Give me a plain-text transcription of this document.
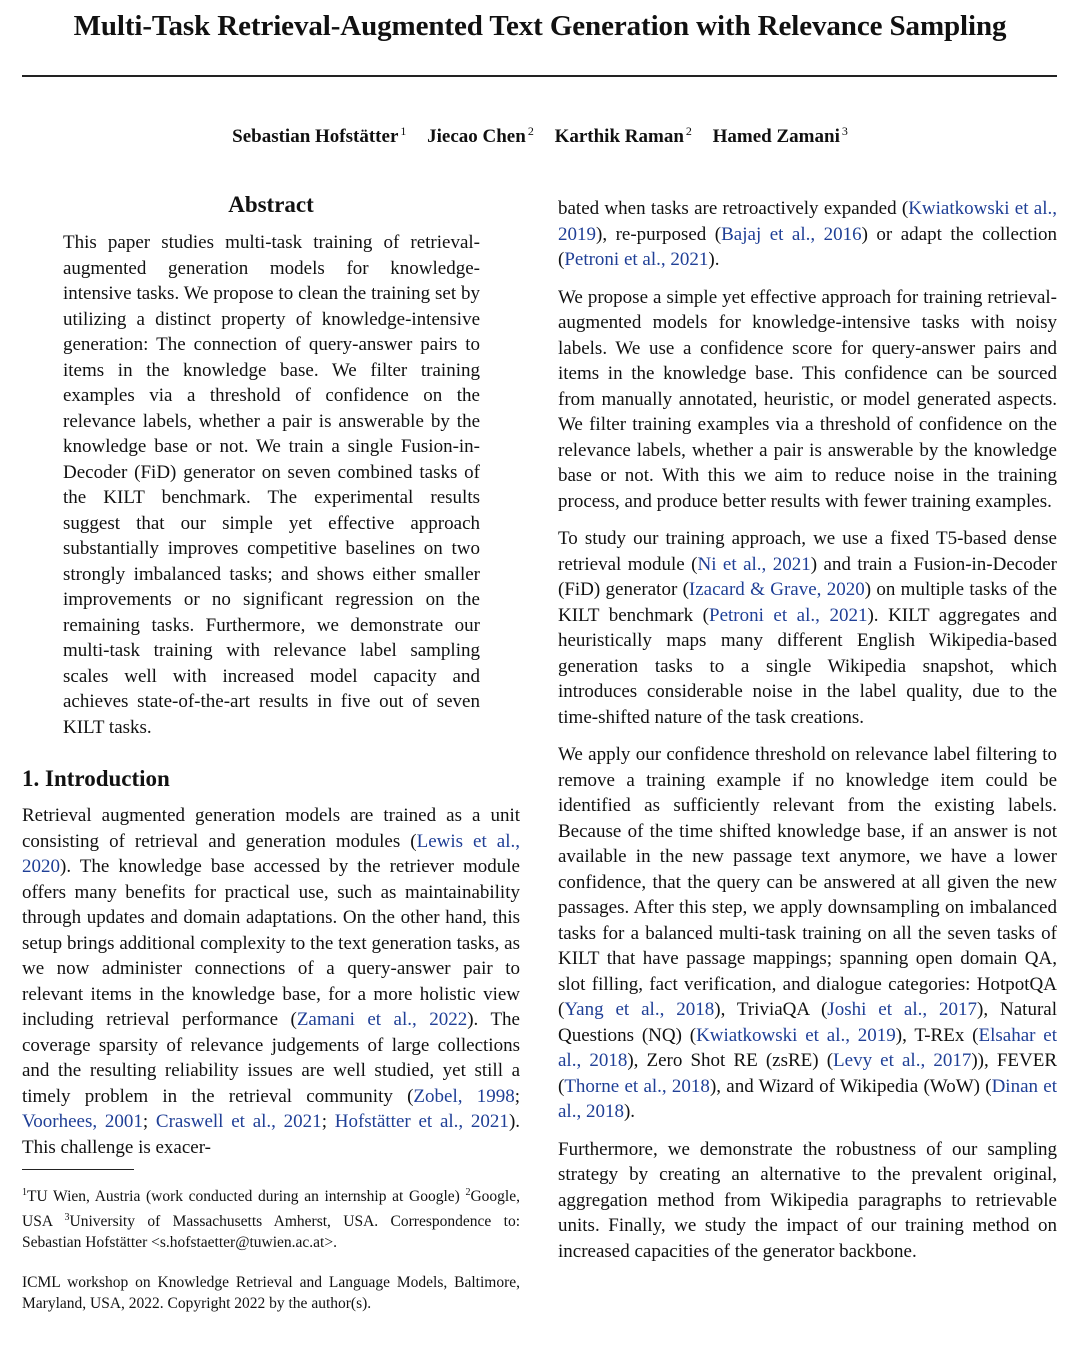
Multi-Task Retrieval-Augmented Text Generation with Relevance Sampling
Sebastian Hofstätter $^1$ Jiecao Chen $^2$ Karthik Raman $^2$ Hamed Zamani $^3$
Abstract

This paper studies multi-task training of retrieval-augmented generation models for knowledge-intensive tasks. We propose to clean the training set by utilizing a distinct property of knowledge-intensive generation: The connection of query-answer pairs to items in the knowledge base. We filter training examples via a threshold of confidence on the relevance labels, whether a pair is answerable by the knowledge base or not. We train a single Fusion-in-Decoder (FiD) generator on seven combined tasks of the KILT benchmark. The experimental results suggest that our simple yet effective approach substantially improves competitive baselines on two strongly imbalanced tasks; and shows either smaller improvements or no significant regression on the remaining tasks. Furthermore, we demonstrate our multi-task training with relevance label sampling scales well with increased model capacity and achieves state-of-the-art results in five out of seven KILT tasks.

1. Introduction

Retrieval augmented generation models are trained as a unit consisting of retrieval and generation modules (Lewis et al., 2020). The knowledge base accessed by the retriever module offers many benefits for practical use, such as maintainability through updates and domain adaptations. On the other hand, this setup brings additional complexity to the text generation tasks, as we now administer connections of a query-answer pair to relevant items in the knowledge base, for a more holistic view including retrieval performance (Zamani et al., 2022). The coverage sparsity of relevance judgements of large collections and the resulting reliability issues are well studied, yet still a timely problem in the retrieval community (Zobel, 1998; Voorhees, 2001; Craswell et al., 2021; Hofstätter et al., 2021). This challenge is exacer-

$^1$TU Wien, Austria (work conducted during an internship at Google) $^2$Google, USA $^3$University of Massachusetts Amherst, USA. Correspondence to: Sebastian Hofstätter <s.hofstaetter@tuwien.ac.at>.

ICML workshop on Knowledge Retrieval and Language Models, Baltimore, Maryland, USA, 2022. Copyright 2022 by the author(s).

bated when tasks are retroactively expanded (Kwiatkowski et al., 2019), re-purposed (Bajaj et al., 2016) or adapt the collection (Petroni et al., 2021).

We propose a simple yet effective approach for training retrieval-augmented models for knowledge-intensive tasks with noisy labels. We use a confidence score for query-answer pairs and items in the knowledge base. This confidence can be sourced from manually annotated, heuristic, or model generated aspects. We filter training examples via a threshold of confidence on the relevance labels, whether a pair is answerable by the knowledge base or not. With this we aim to reduce noise in the training process, and produce better results with fewer training examples.

To study our training approach, we use a fixed T5-based dense retrieval module (Ni et al., 2021) and train a Fusion-in-Decoder (FiD) generator (Izacard & Grave, 2020) on multiple tasks of the KILT benchmark (Petroni et al., 2021). KILT aggregates and heuristically maps many different English Wikipedia-based generation tasks to a single Wikipedia snapshot, which introduces considerable noise in the label quality, due to the time-shifted nature of the task creations.

We apply our confidence threshold on relevance label filtering to remove a training example if no knowledge item could be identified as sufficiently relevant from the existing labels. Because of the time shifted knowledge base, if an answer is not available in the new passage text anymore, we have a lower confidence, that the query can be answered at all given the new passages. After this step, we apply downsampling on imbalanced tasks for a balanced multi-task training on all the seven tasks of KILT that have passage mappings; spanning open domain QA, slot filling, fact verification, and dialogue categories: HotpotQA (Yang et al., 2018), TriviaQA (Joshi et al., 2017), Natural Questions (NQ) (Kwiatkowski et al., 2019), T-REx (Elsahar et al., 2018), Zero Shot RE (zsRE) (Levy et al., 2017)), FEVER (Thorne et al., 2018), and Wizard of Wikipedia (WoW) (Dinan et al., 2018).

Furthermore, we demonstrate the robustness of our sampling strategy by creating an alternative to the prevalent original, aggregation method from Wikipedia paragraphs to retrievable units. Finally, we study the impact of our training method on increased capacities of the generator backbone.
